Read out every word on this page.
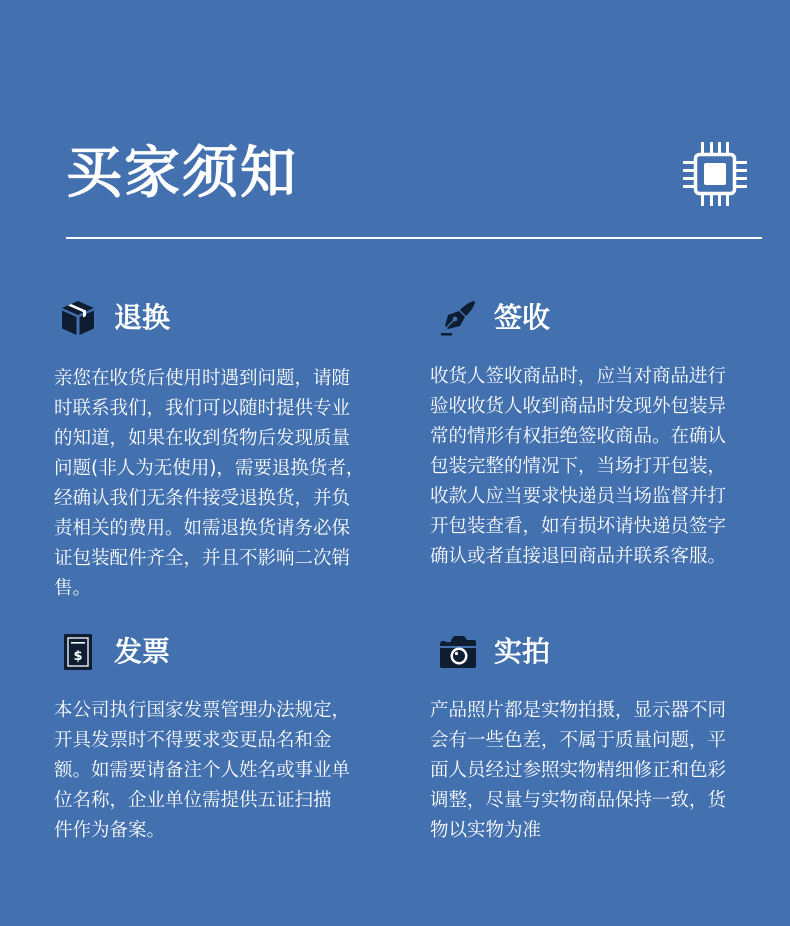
买家须知
退换

亲您在收货后使用时遇到问题，请随
时联系我们，我们可以随时提供专业
的知道，如果在收到货物后发现质量
问题(非人为无使用)，需要退换货者，
经确认我们无条件接受退换货，并负
责相关的费用。如需退换货请务必保
证包装配件齐全，并且不影响二次销
售。

签收

收货人签收商品时，应当对商品进行
验收收货人收到商品时发现外包装异
常的情形有权拒绝签收商品。在确认
包装完整的情况下，当场打开包装，
收款人应当要求快递员当场监督并打
开包装查看，如有损坏请快递员签字
确认或者直接退回商品并联系客服。

$ 发票

本公司执行国家发票管理办法规定，
开具发票时不得要求变更品名和金
额。如需要请备注个人姓名或事业单
位名称，企业单位需提供五证扫描
件作为备案。

实拍

产品照片都是实物拍摄，显示器不同
会有一些色差，不属于质量问题，平
面人员经过参照实物精细修正和色彩
调整，尽量与实物商品保持一致，货
物以实物为准
